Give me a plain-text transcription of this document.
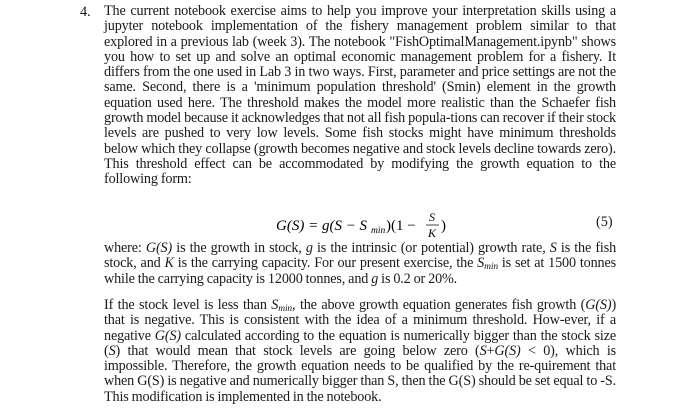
4. The current notebook exercise aims to help you improve your interpretation skills using a jupyter notebook implementation of the fishery management problem similar to that explored in a previous lab (week 3). The notebook "FishOptimalManagement.ipynb" shows you how to set up and solve an optimal economic management problem for a fishery. It differs from the one used in Lab 3 in two ways. First, parameter and price settings are not the same. Second, there is a 'minimum population threshold' (Smin) element in the growth equation used here. The threshold makes the model more realistic than the Schaefer fish growth model because it acknowledges that not all fish popula-tions can recover if their stock levels are pushed to very low levels. Some fish stocks might have minimum thresholds below which they collapse (growth becomes negative and stock levels decline towards zero). This threshold effect can be accommodated by modifying the growth equation to the following form:
G(S) = g(S − S min )(1 −
S
K )	(5)
where: G(S) is the growth in stock, g is the intrinsic (or potential) growth rate, S is the fish stock, and K is the carrying capacity. For our present exercise, the $S_{min}$ is set at 1500 tonnes while the carrying capacity is 12000 tonnes, and g is 0.2 or 20%.
If the stock level is less than $S_{min}$, the above growth equation generates fish growth (G(S)) that is negative. This is consistent with the idea of a minimum threshold. How-ever, if a negative G(S) calculated according to the equation is numerically bigger than the stock size (S) that would mean that stock levels are going below zero (S+G(S) < 0), which is impossible. Therefore, the growth equation needs to be qualified by the re-quirement that when G(S) is negative and numerically bigger than S, then the G(S) should be set equal to -S. This modification is implemented in the notebook.
